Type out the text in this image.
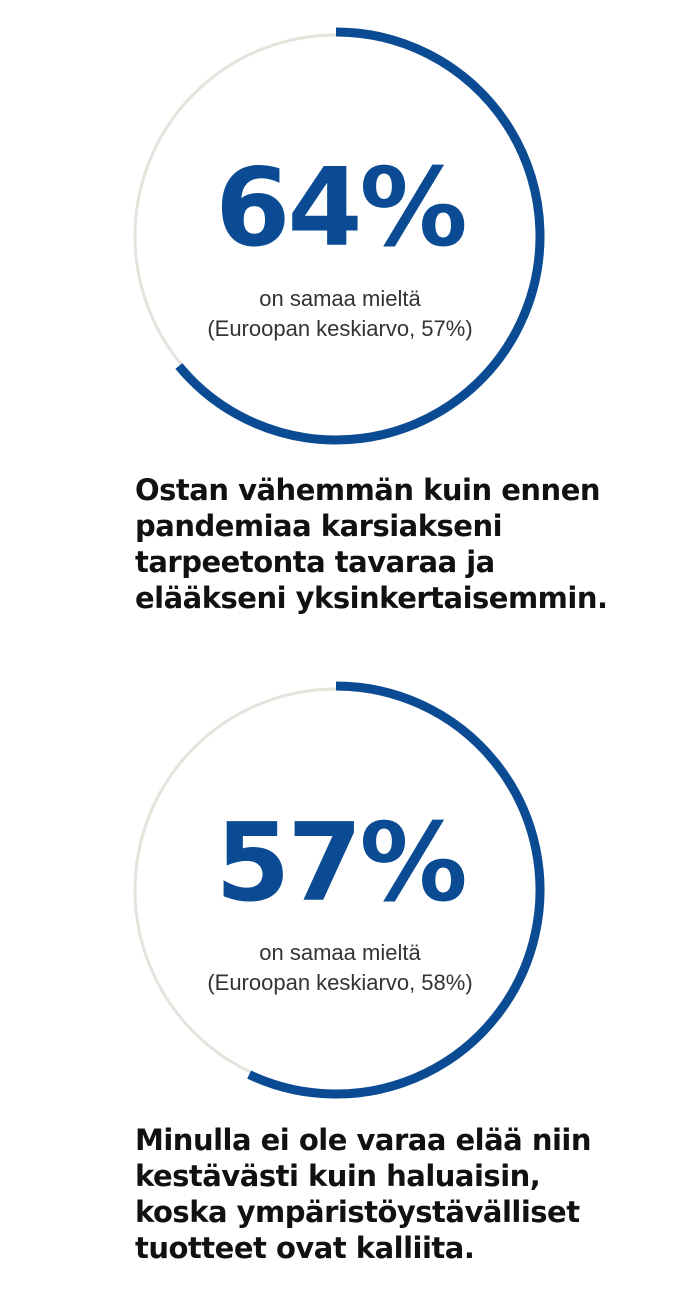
64%
on samaa mieltä
(Euroopan keskiarvo, 57%)

Ostan vähemmän kuin ennen pandemiaa karsiakseni tarpeetonta tavaraa ja elääkseni yksinkertaisemmin.

57%
on samaa mieltä
(Euroopan keskiarvo, 58%)

Minulla ei ole varaa elää niin kestävästi kuin haluaisin, koska ympäristöystävälliset tuotteet ovat kalliita.
